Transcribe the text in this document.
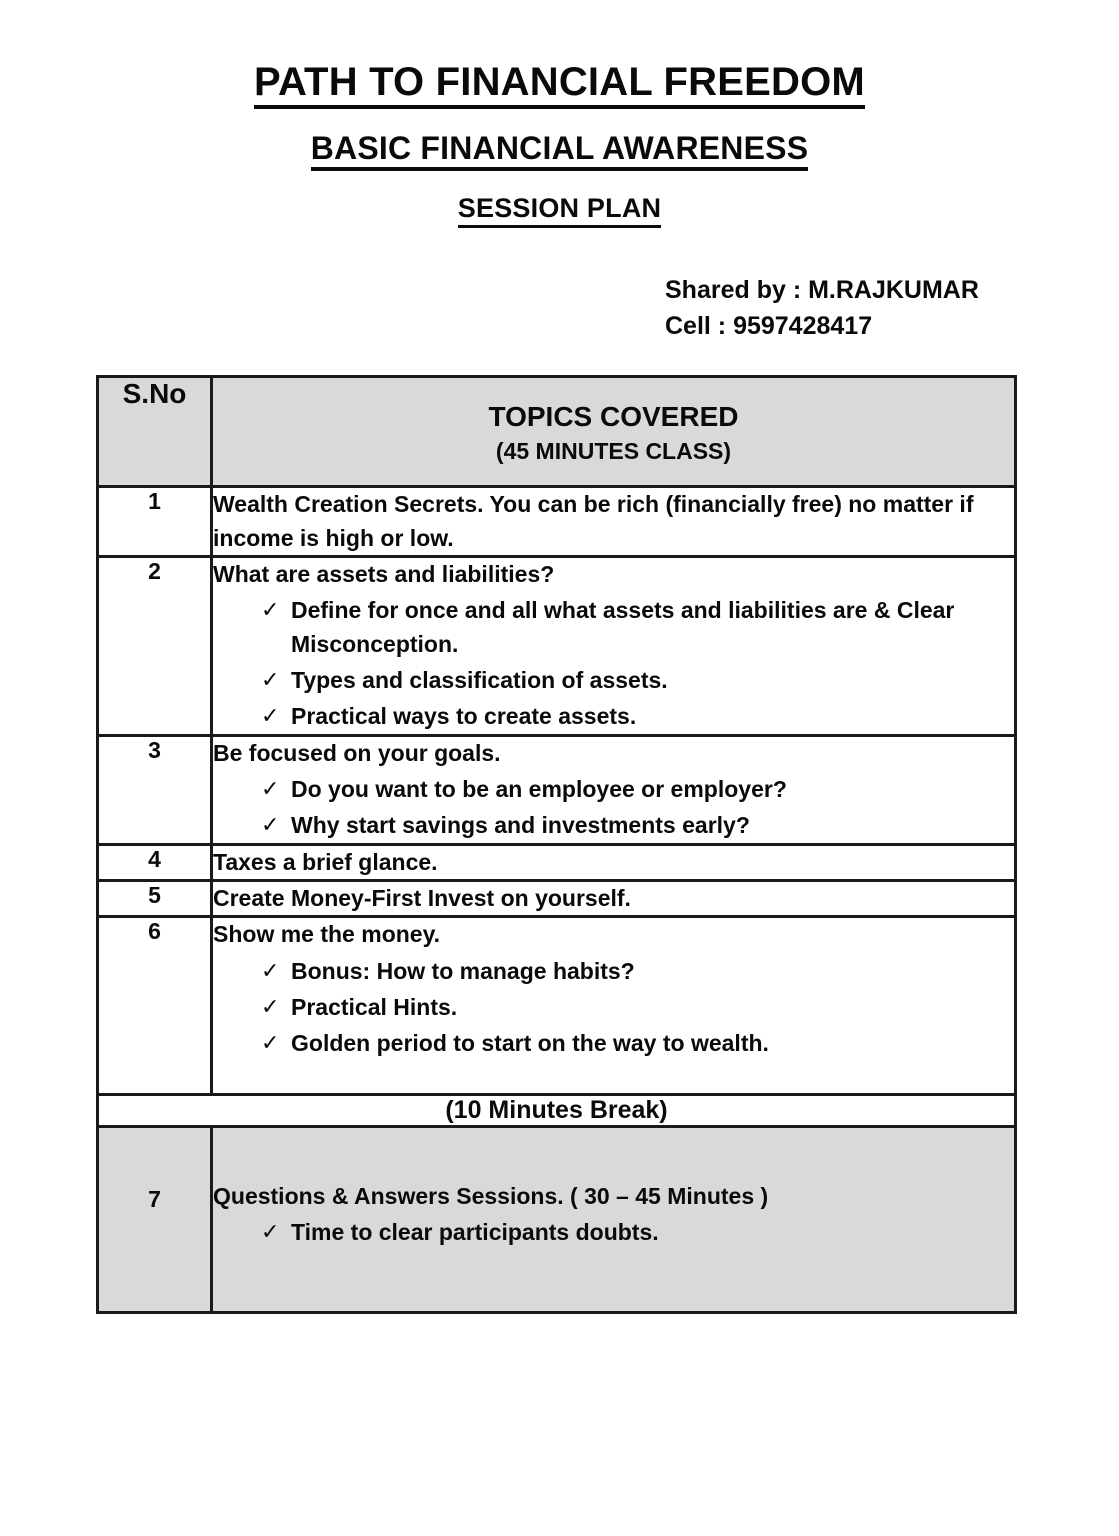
PATH TO FINANCIAL FREEDOM
BASIC FINANCIAL AWARENESS
SESSION PLAN
Shared by : M.RAJKUMAR
Cell : 9597428417
S.No	TOPICS COVERED
(45 MINUTES CLASS)

1	Wealth Creation Secrets. You can be rich (financially free) no matter if income is high or low.

2	What are assets and liabilities?
✓ Define for once and all what assets and liabilities are & Clear Misconception.
✓ Types and classification of assets.
✓ Practical ways to create assets.

3	Be focused on your goals.
✓ Do you want to be an employee or employer?
✓ Why start savings and investments early?

4	Taxes a brief glance.

5	Create Money-First Invest on yourself.

6	Show me the money.
✓ Bonus: How to manage habits?
✓ Practical Hints.
✓ Golden period to start on the way to wealth.

(10 Minutes Break)	
7	Questions & Answers Sessions. ( 30 – 45 Minutes )
✓ Time to clear participants doubts.
